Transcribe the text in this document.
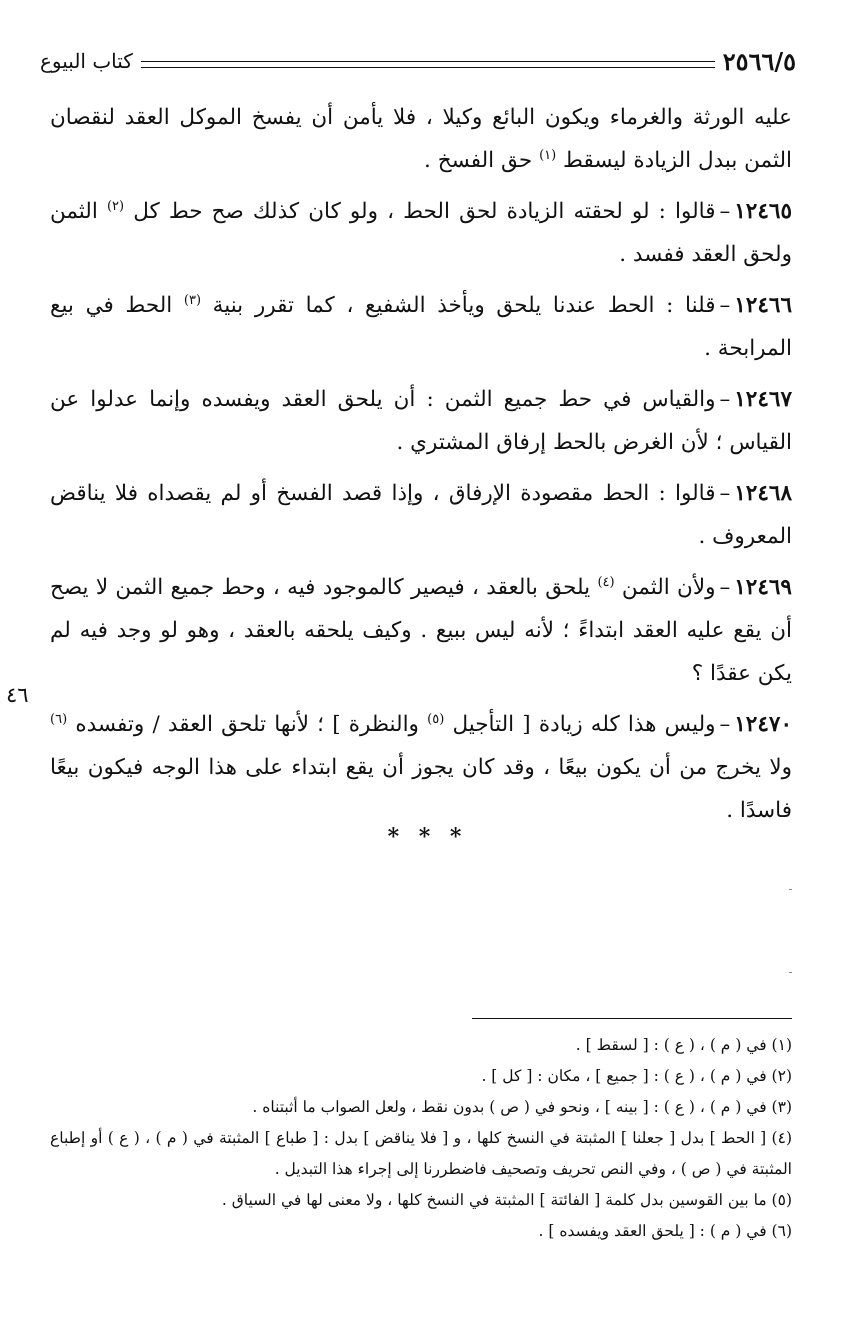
٢٥٦٦/٥
كتاب البيوع

عليه الورثة والغرماء ويكون البائع وكيلا ، فلا يأمن أن يفسخ الموكل العقد لنقصان الثمن ببدل الزيادة ليسقط $^{(١)}$ حق الفسخ .

١٢٤٦٥–قالوا : لو لحقته الزيادة لحق الحط ، ولو كان كذلك صح حط كل $^{(٢)}$ الثمن ولحق العقد ففسد .

١٢٤٦٦–قلنا : الحط عندنا يلحق ويأخذ الشفيع ، كما تقرر بنية $^{(٣)}$ الحط في بيع المرابحة .

١٢٤٦٧–والقياس في حط جميع الثمن : أن يلحق العقد ويفسده وإنما عدلوا عن القياس ؛ لأن الغرض بالحط إرفاق المشتري .

١٢٤٦٨–قالوا : الحط مقصودة الإرفاق ، وإذا قصد الفسخ أو لم يقصداه فلا يناقض المعروف .

١٢٤٦٩–ولأن الثمن $^{(٤)}$ يلحق بالعقد ، فيصير كالموجود فيه ، وحط جميع الثمن لا يصح أن يقع عليه العقد ابتداءً ؛ لأنه ليس ببيع . وكيف يلحقه بالعقد ، وهو لو وجد فيه لم يكن عقدًا ؟

١٢٤٧٠–وليس هذا كله زيادة [ التأجيل $^{(٥)}$ والنظرة ] ؛ لأنها تلحق العقد / وتفسده $^{(٦)}$ ولا يخرج من أن يكون بيعًا ، وقد كان يجوز أن يقع ابتداء على هذا الوجه فيكون بيعًا فاسدًا .

٤٦
* * *

(١) في ( م ) ، ( ع ) : [ لسقط ] .

(٢) في ( م ) ، ( ع ) : [ جميع ] ، مكان : [ كل ] .

(٣) في ( م ) ، ( ع ) : [ بينه ] ، ونحو في ( ص ) بدون نقط ، ولعل الصواب ما أثبتناه .

(٤) [ الحط ] بدل [ جعلنا ] المثبتة في النسخ كلها ، و [ فلا يناقض ] بدل : [ طباع ] المثبتة في ( م ) ، ( ع ) أو إطباع المثبتة في ( ص ) ، وفي النص تحريف وتصحيف فاضطررنا إلى إجراء هذا التبديل .

(٥) ما بين القوسين بدل كلمة [ الفائتة ] المثبتة في النسخ كلها ، ولا معنى لها في السياق .

(٦) في ( م ) : [ يلحق العقد ويفسده ] .
